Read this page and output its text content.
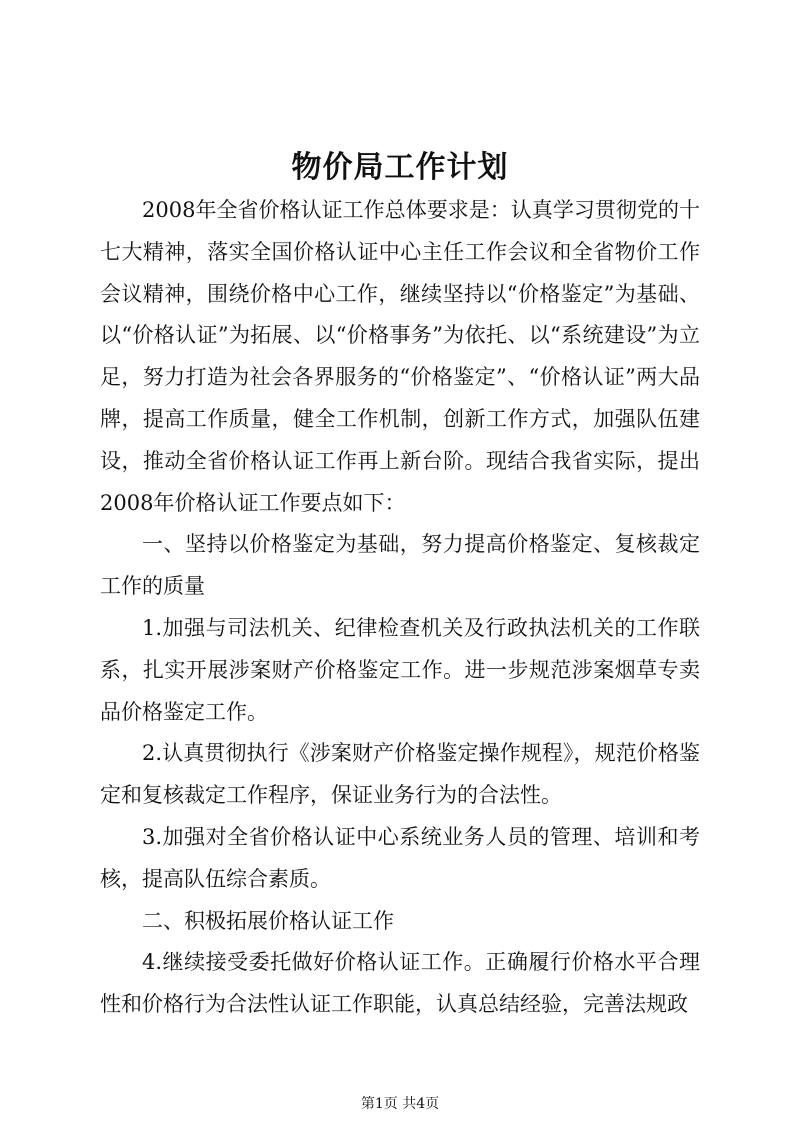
物价局工作计划

2008年全省价格认证工作总体要求是：认真学习贯彻党的十七大精神，落实全国价格认证中心主任工作会议和全省物价工作会议精神，围绕价格中心工作，继续坚持以“价格鉴定”为基础、以“价格认证”为拓展、以“价格事务”为依托、以“系统建设”为立足，努力打造为社会各界服务的“价格鉴定”、“价格认证”两大品牌，提高工作质量，健全工作机制，创新工作方式，加强队伍建设，推动全省价格认证工作再上新台阶。现结合我省实际，提出2008年价格认证工作要点如下：

一、坚持以价格鉴定为基础，努力提高价格鉴定、复核裁定工作的质量

1.加强与司法机关、纪律检查机关及行政执法机关的工作联系，扎实开展涉案财产价格鉴定工作。进一步规范涉案烟草专卖品价格鉴定工作。

2.认真贯彻执行《涉案财产价格鉴定操作规程》，规范价格鉴定和复核裁定工作程序，保证业务行为的合法性。

3.加强对全省价格认证中心系统业务人员的管理、培训和考核，提高队伍综合素质。

二、积极拓展价格认证工作

4.继续接受委托做好价格认证工作。正确履行价格水平合理性和价格行为合法性认证工作职能，认真总结经验，完善法规政

第1页 共4页
